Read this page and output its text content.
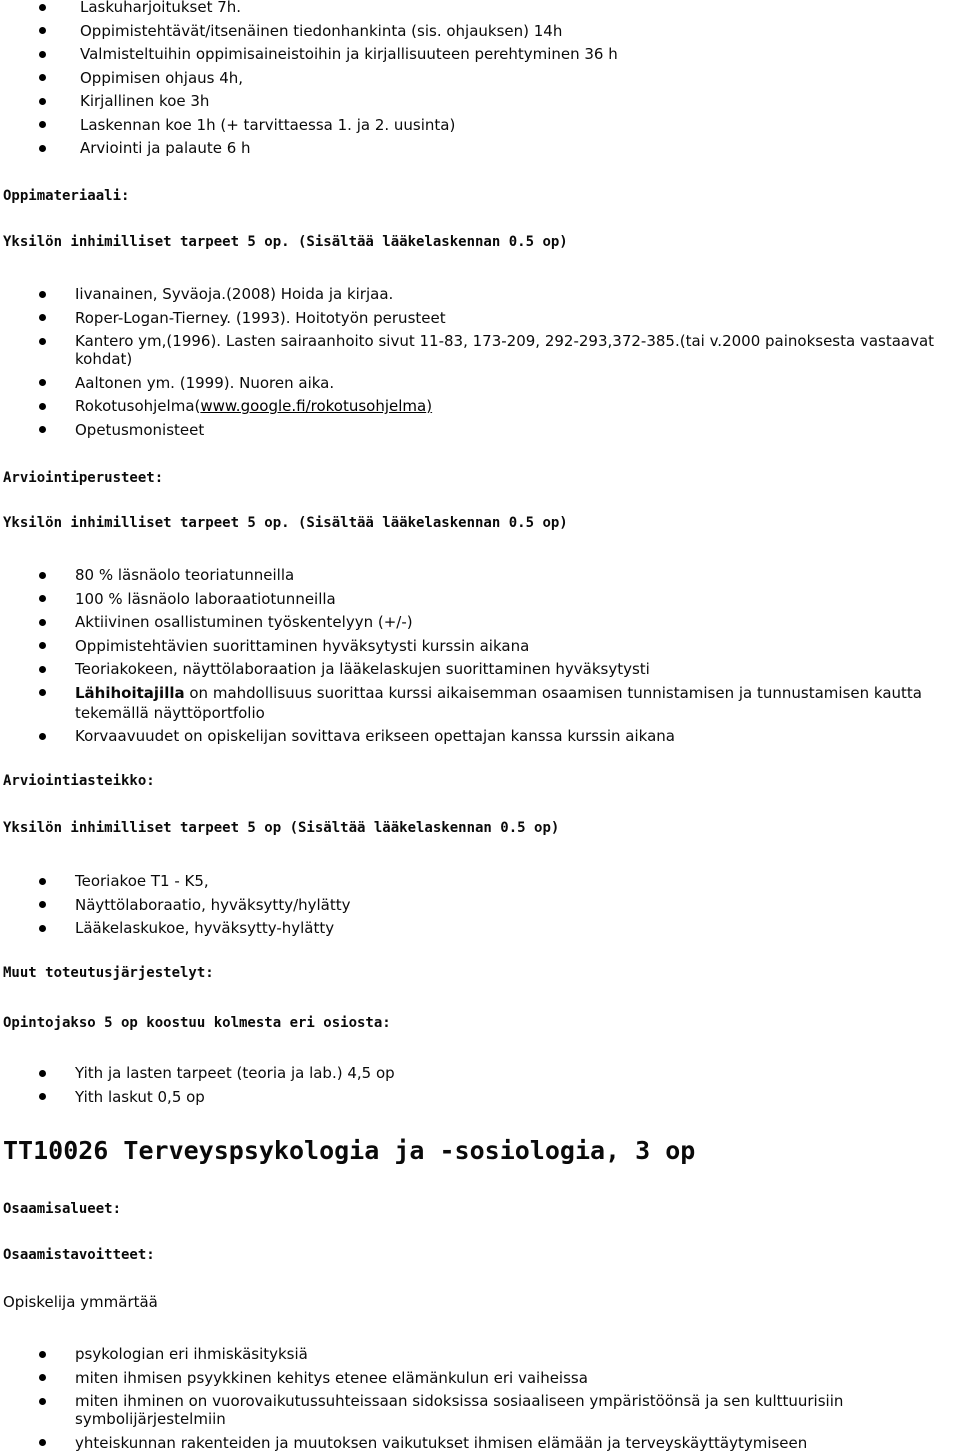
Laskuharjoitukset 7h.
Oppimistehtävät/itsenäinen tiedonhankinta (sis. ohjauksen) 14h
Valmisteltuihin oppimisaineistoihin ja kirjallisuuteen perehtyminen 36 h
Oppimisen ohjaus 4h,
Kirjallinen koe 3h
Laskennan koe 1h (+ tarvittaessa 1. ja 2. uusinta)
Arviointi ja palaute 6 h
Oppimateriaali:
Yksilön inhimilliset tarpeet 5 op. (Sisältää lääkelaskennan 0.5 op)
Iivanainen, Syväoja.(2008) Hoida ja kirjaa.
Roper-Logan-Tierney. (1993). Hoitotyön perusteet
Kantero ym,(1996). Lasten sairaanhoito sivut 11-83, 173-209, 292-293,372-385.(tai v.2000 painoksesta vastaavat
kohdat)
Aaltonen ym. (1999). Nuoren aika.
Rokotusohjelma(www.google.fi/rokotusohjelma)
Opetusmonisteet
Arviointiperusteet:
Yksilön inhimilliset tarpeet 5 op. (Sisältää lääkelaskennan 0.5 op)
80 % läsnäolo teoriatunneilla
100 % läsnäolo laboraatiotunneilla
Aktiivinen osallistuminen työskentelyyn (+/-)
Oppimistehtävien suorittaminen hyväksytysti kurssin aikana
Teoriakokeen, näyttölaboraation ja lääkelaskujen suorittaminen hyväksytysti
Lähihoitajilla on mahdollisuus suorittaa kurssi aikaisemman osaamisen tunnistamisen ja tunnustamisen kautta
tekemällä näyttöportfolio
Korvaavuudet on opiskelijan sovittava erikseen opettajan kanssa kurssin aikana
Arviointiasteikko:
Yksilön inhimilliset tarpeet 5 op (Sisältää lääkelaskennan 0.5 op)
Teoriakoe T1 - K5,
Näyttölaboraatio, hyväksytty/hylätty
Lääkelaskukoe, hyväksytty-hylätty
Muut toteutusjärjestelyt:
Opintojakso 5 op koostuu kolmesta eri osiosta:
Yith ja lasten tarpeet (teoria ja lab.) 4,5 op
Yith laskut 0,5 op
TT10026 Terveyspsykologia ja -sosiologia, 3 op
Osaamisalueet:
Osaamistavoitteet:
Opiskelija ymmärtää
psykologian eri ihmiskäsityksiä
miten ihmisen psyykkinen kehitys etenee elämänkulun eri vaiheissa
miten ihminen on vuorovaikutussuhteissaan sidoksissa sosiaaliseen ympäristöönsä ja sen kulttuurisiin
symbolijärjestelmiin
yhteiskunnan rakenteiden ja muutoksen vaikutukset ihmisen elämään ja terveyskäyttäytymiseen
